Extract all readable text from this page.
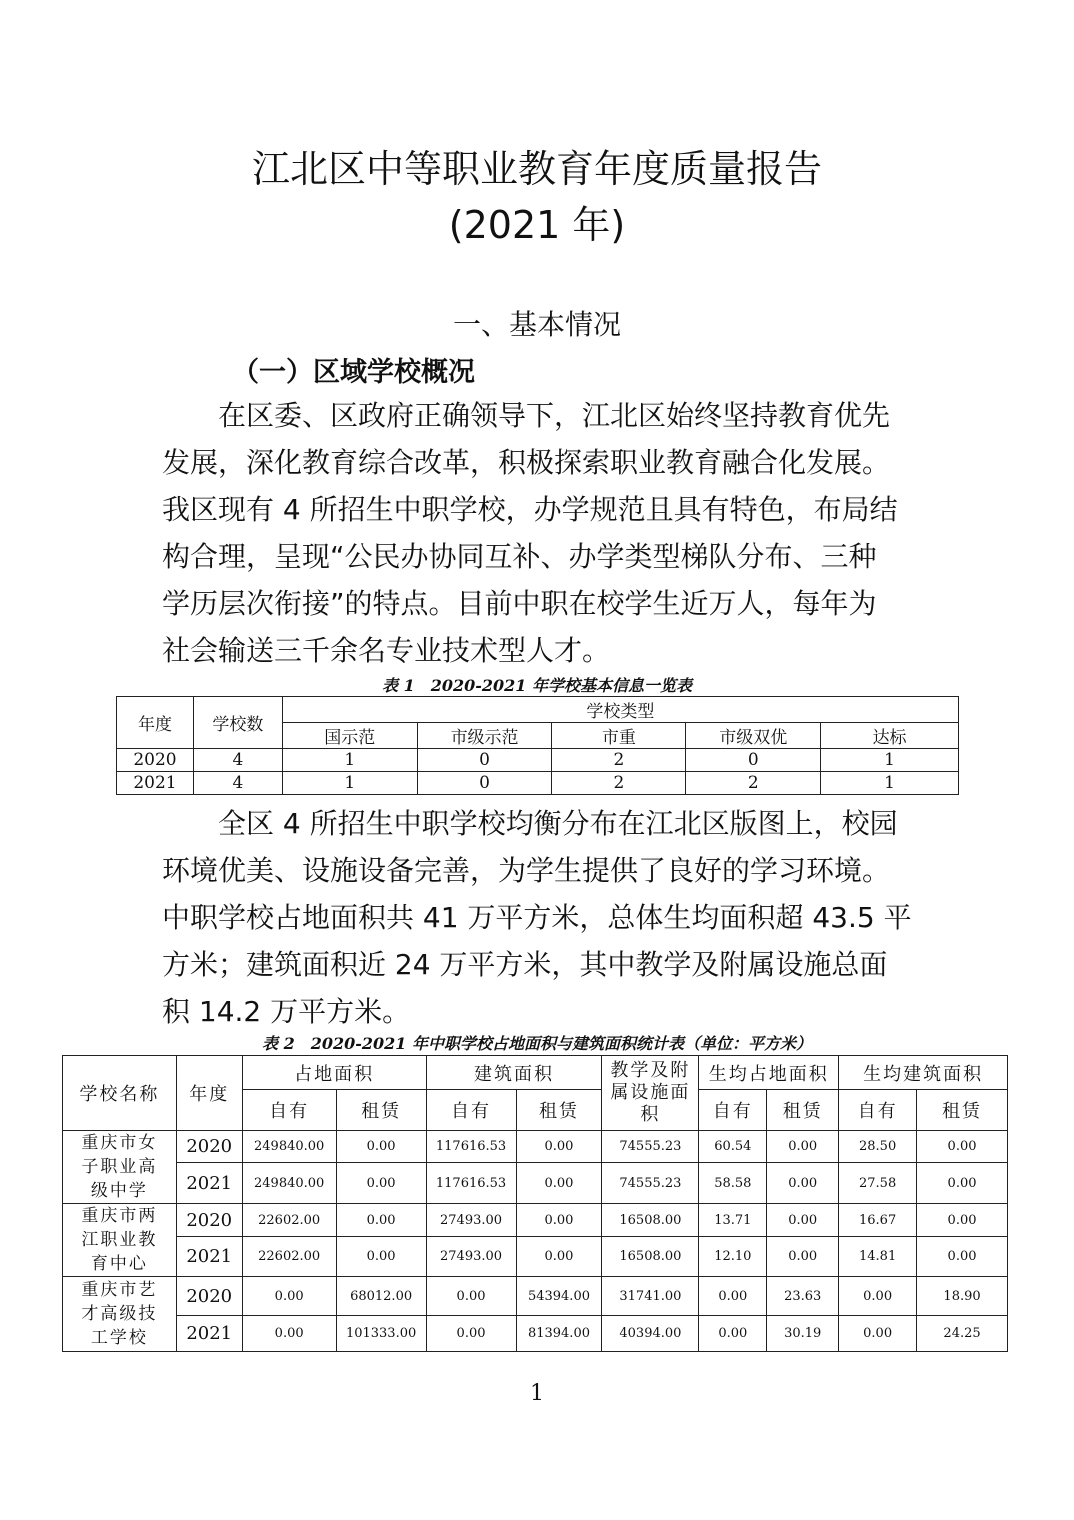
江北区中等职业教育年度质量报告
(2021 年)
一、基本情况
（一）区域学校概况
在区委、区政府正确领导下，江北区始终坚持教育优先
发展，深化教育综合改革，积极探索职业教育融合化发展。
我区现有 4 所招生中职学校，办学规范且具有特色，布局结
构合理，呈现“公民办协同互补、办学类型梯队分布、三种
学历层次衔接”的特点。目前中职在校学生近万人，每年为
社会输送三千余名专业技术型人才。
表 1　2020-2021 年学校基本信息一览表
年度	学校数	学校类型				
		国示范	市级示范	市重	市级双优	达标
2020	4	1	0	2	0	1
2021	4	1	0	2	2	1
全区 4 所招生中职学校均衡分布在江北区版图上，校园
环境优美、设施设备完善，为学生提供了良好的学习环境。
中职学校占地面积共 41 万平方米，总体生均面积超 43.5 平
方米；建筑面积近 24 万平方米，其中教学及附属设施总面
积 14.2 万平方米。
表 2　2020-2021 年中职学校占地面积与建筑面积统计表（单位：平方米）
学校名称	年度	占地面积		建筑面积		教学及附
属设施面
积	生均占地面积		生均建筑面积	
		自有	租赁	自有	租赁		自有	租赁	自有	租赁
重庆市女
子职业高
级中学	2020	249840.00	0.00	117616.53	0.00	74555.23	60.54	0.00	28.50	0.00
	2021	249840.00	0.00	117616.53	0.00	74555.23	58.58	0.00	27.58	0.00
重庆市两
江职业教
育中心	2020	22602.00	0.00	27493.00	0.00	16508.00	13.71	0.00	16.67	0.00
	2021	22602.00	0.00	27493.00	0.00	16508.00	12.10	0.00	14.81	0.00
重庆市艺
才高级技
工学校	2020	0.00	68012.00	0.00	54394.00	31741.00	0.00	23.63	0.00	18.90
	2021	0.00	101333.00	0.00	81394.00	40394.00	0.00	30.19	0.00	24.25
1
